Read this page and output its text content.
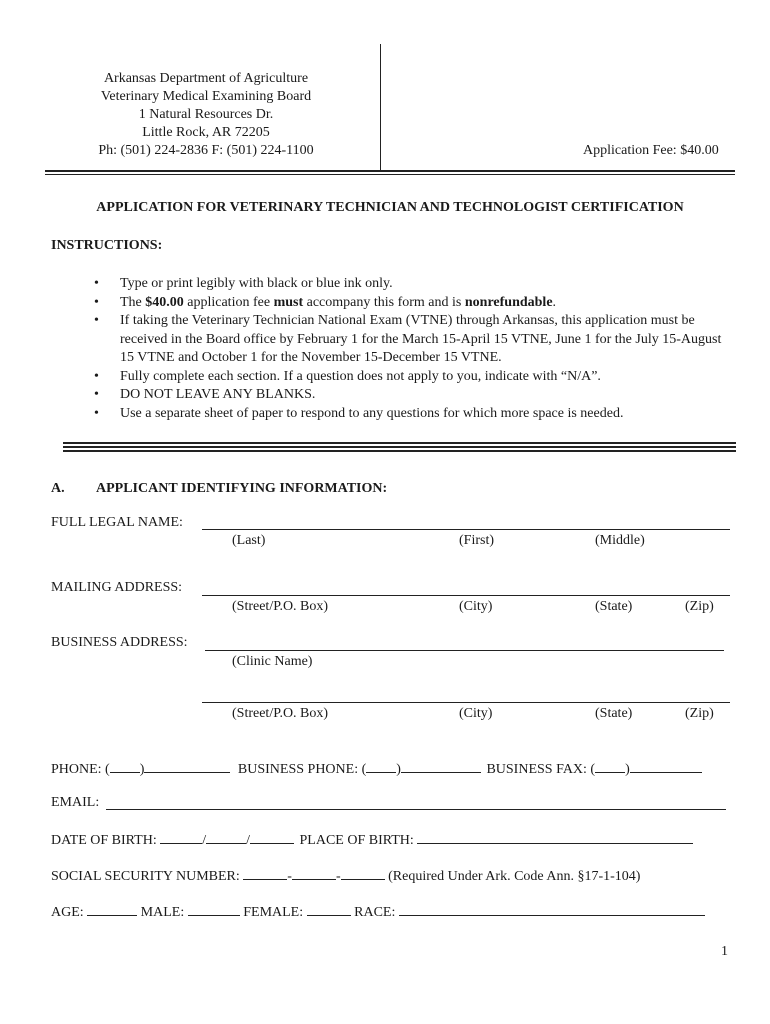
Arkansas Department of Agriculture
Veterinary Medical Examining Board
1 Natural Resources Dr.
Little Rock, AR 72205
Ph: (501) 224-2836 F: (501) 224-1100	Application Fee: $40.00
APPLICATION FOR VETERINARY TECHNICIAN AND TECHNOLOGIST CERTIFICATION
INSTRUCTIONS:
• Type or print legibly with black or blue ink only.
• The $40.00 application fee must accompany this form and is nonrefundable.
• If taking the Veterinary Technician National Exam (VTNE) through Arkansas, this application must be received in the Board office by February 1 for the March 15-April 15 VTNE, June 1 for the July 15-August 15 VTNE and October 1 for the November 15-December 15 VTNE.
• Fully complete each section. If a question does not apply to you, indicate with “N/A”.
• DO NOT LEAVE ANY BLANKS.
• Use a separate sheet of paper to respond to any questions for which more space is needed.
A. APPLICANT IDENTIFYING INFORMATION:
FULL LEGAL NAME:
(Last)	(First)	(Middle)
MAILING ADDRESS:
(Street/P.O. Box)	(City)	(State)	(Zip)
BUSINESS ADDRESS:
(Clinic Name)
(Street/P.O. Box)	(City)	(State)	(Zip)
PHONE: ( )	BUSINESS PHONE: ( )	BUSINESS FAX: ( )
EMAIL:
DATE OF BIRTH:	/	/	PLACE OF BIRTH:
SOCIAL SECURITY NUMBER:	-	-	(Required Under Ark. Code Ann. §17-1-104)
AGE:	MALE:	FEMALE:	RACE:
1
